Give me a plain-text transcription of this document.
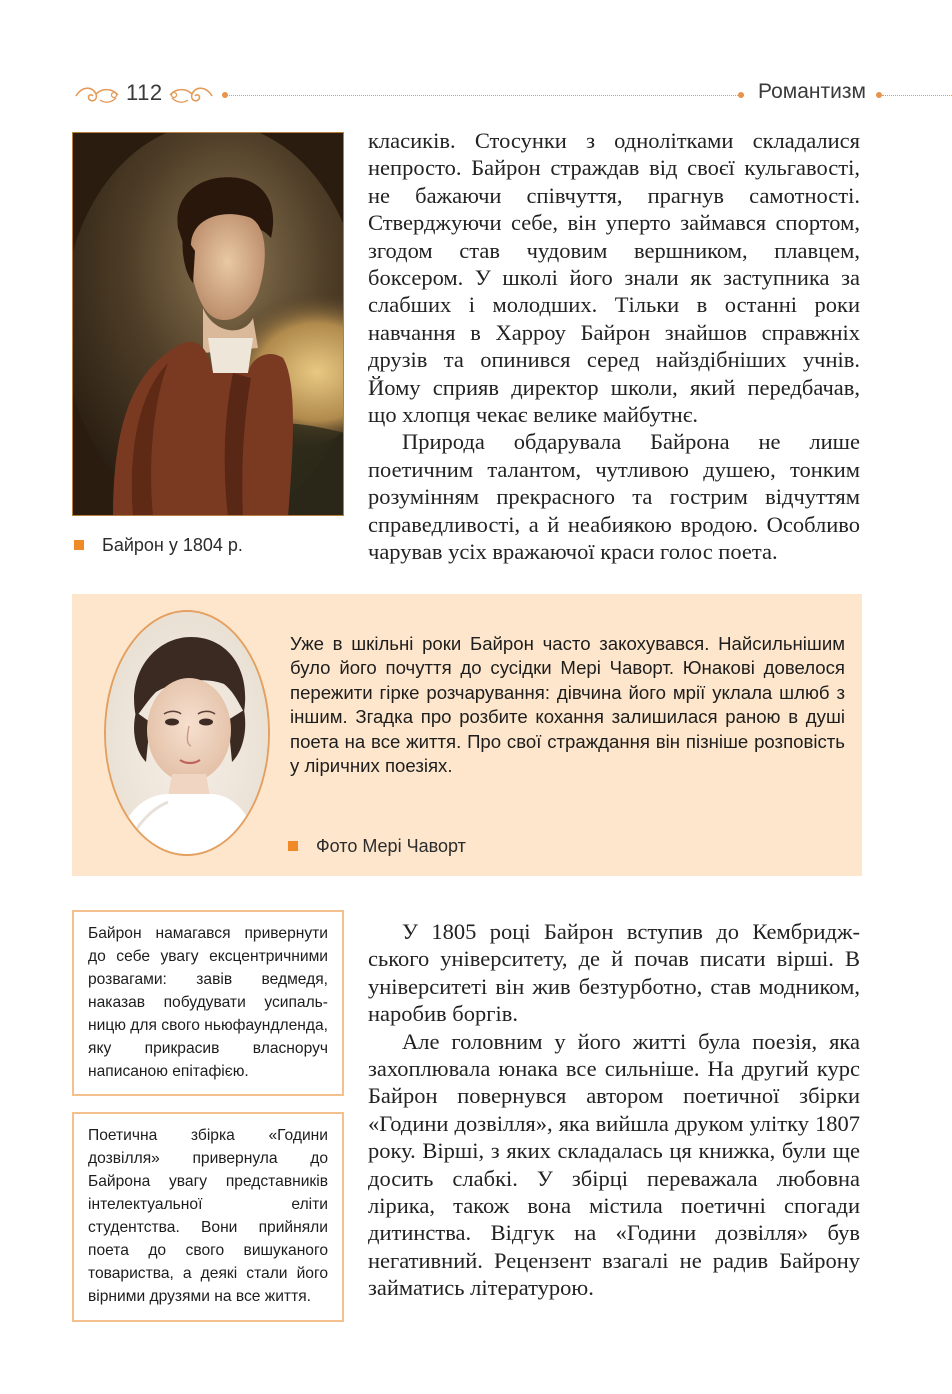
112	Романтизм
Байрон у 1804 р.

класиків. Стосунки з однолітками складалися непросто. Байрон страждав від своєї кульгавості, не бажаючи співчуття, прагнув самотності. Стверджуючи себе, він уперто займався спортом, згодом став чудовим вершником, плавцем, боксером. У школі його знали як заступника за слабших і молодших. Тільки в останні роки навчання в Харроу Байрон знайшов справжніх друзів та опинився серед найздібніших учнів. Йому сприяв директор школи, який передбачав, що хлопця чекає велике майбутнє.

Природа обдарувала Байрона не лише поетичним талантом, чутливою душею, тонким розумінням прекрасного та гострим відчуттям справедливості, а й неабиякою вродою. Особливо чарував усіх вражаючої краси голос поета.

Уже в шкільні роки Байрон часто закохувався. Найсильнішим було його почуття до сусідки Мері Чаворт. Юнакові довелося пережити гірке розчарування: дівчина його мрії уклала шлюб з іншим. Згадка про розбите кохання залишилася раною в душі поета на все життя. Про свої страждання він пізніше розповість у ліричних поезіях.

Фото Мері Чаворт

Байрон намагався привернути до себе увагу ексцентричними розвагами: завів ведмедя, наказав побудувати усипальницю для свого ньюфаундленда, яку прикрасив власноруч написаною епітафією.

Поетична збірка «Години дозвілля» привернула до Байрона увагу представників інтелектуальної еліти студентства. Вони прийняли поета до свого вишуканого товариства, а деякі стали його вірними друзями на все життя.

У 1805 році Байрон вступив до Кембриджського університету, де й почав писати вірші. В університеті він жив безтурботно, став модником, наробив боргів.

Але головним у його житті була поезія, яка захоплювала юнака все сильніше. На другий курс Байрон повернувся автором поетичної збірки «Години дозвілля», яка вийшла друком улітку 1807 року. Вірші, з яких складалась ця книжка, були ще досить слабкі. У збірці переважала любовна лірика, також вона містила поетичні спогади дитинства. Відгук на «Години дозвілля» був негативний. Рецензент взагалі не радив Байрону займатись літературою.
